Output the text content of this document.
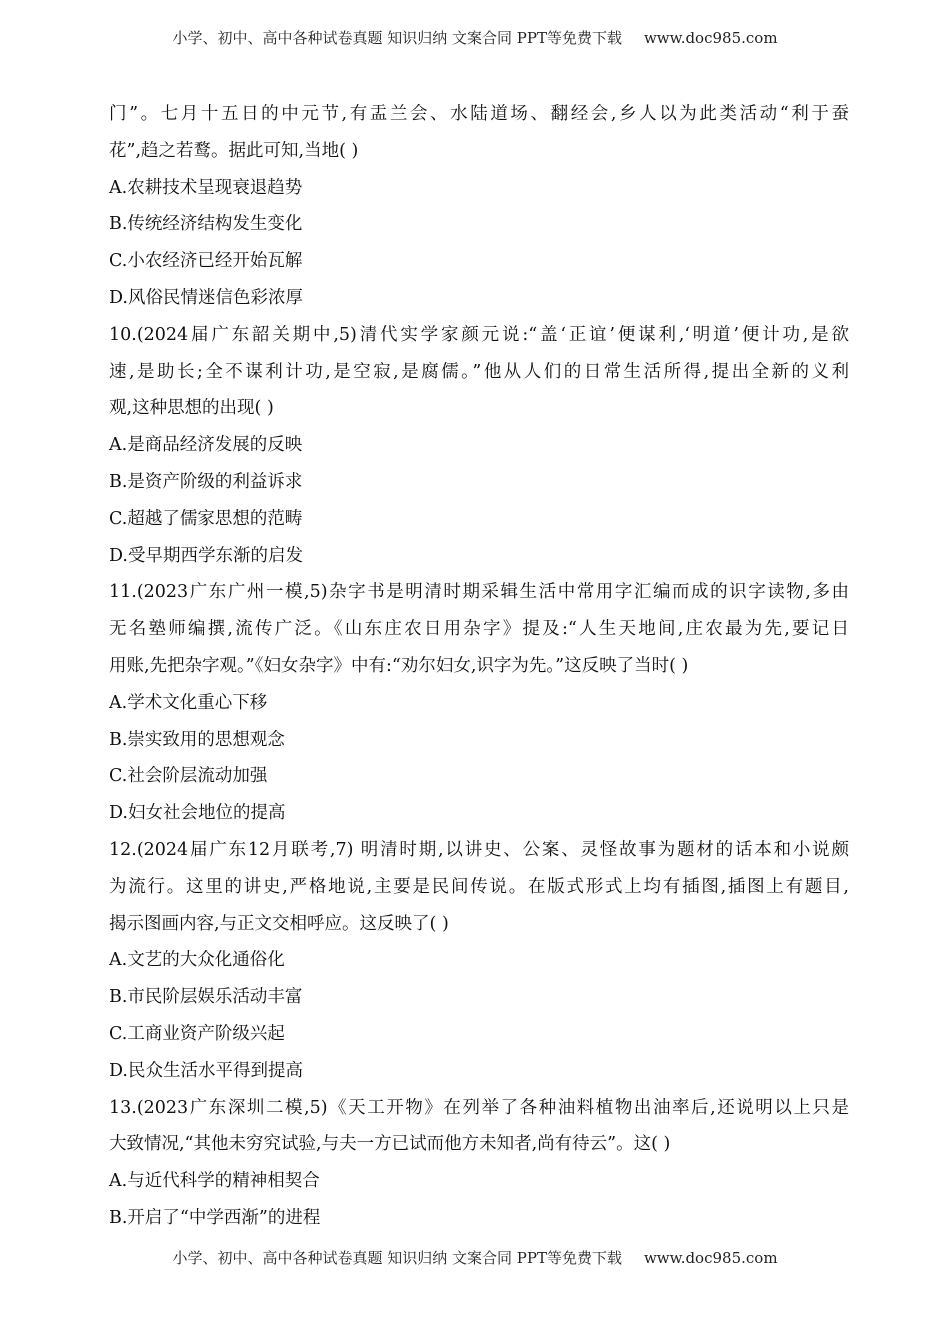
小学、初中、高中各种试卷真题 知识归纳 文案合同 PPT等免费下载 www.doc985.com
门”。七月十五日的中元节,有盂兰会、水陆道场、翻经会,乡人以为此类活动“利于蚕
花”,趋之若鹜。据此可知,当地( )
A.农耕技术呈现衰退趋势
B.传统经济结构发生变化
C.小农经济已经开始瓦解
D.风俗民情迷信色彩浓厚
10.(2024届广东韶关期中,5)清代实学家颜元说:“盖‘正谊’便谋利,‘明道’便计功,是欲
速,是助长;全不谋利计功,是空寂,是腐儒。”他从人们的日常生活所得,提出全新的义利
观,这种思想的出现( )
A.是商品经济发展的反映
B.是资产阶级的利益诉求
C.超越了儒家思想的范畴
D.受早期西学东渐的启发
11.(2023广东广州一模,5)杂字书是明清时期采辑生活中常用字汇编而成的识字读物,多由
无名塾师编撰,流传广泛。《山东庄农日用杂字》提及:“人生天地间,庄农最为先,要记日
用账,先把杂字观。”《妇女杂字》中有:“劝尔妇女,识字为先。”这反映了当时( )
A.学术文化重心下移
B.崇实致用的思想观念
C.社会阶层流动加强
D.妇女社会地位的提高
12.(2024届广东12月联考,7) 明清时期,以讲史、公案、灵怪故事为题材的话本和小说颇
为流行。这里的讲史,严格地说,主要是民间传说。在版式形式上均有插图,插图上有题目,
揭示图画内容,与正文交相呼应。这反映了( )
A.文艺的大众化通俗化
B.市民阶层娱乐活动丰富
C.工商业资产阶级兴起
D.民众生活水平得到提高
13.(2023广东深圳二模,5)《天工开物》在列举了各种油料植物出油率后,还说明以上只是
大致情况,“其他未穷究试验,与夫一方已试而他方未知者,尚有待云”。这( )
A.与近代科学的精神相契合
B.开启了“中学西渐”的进程
小学、初中、高中各种试卷真题 知识归纳 文案合同 PPT等免费下载 www.doc985.com
